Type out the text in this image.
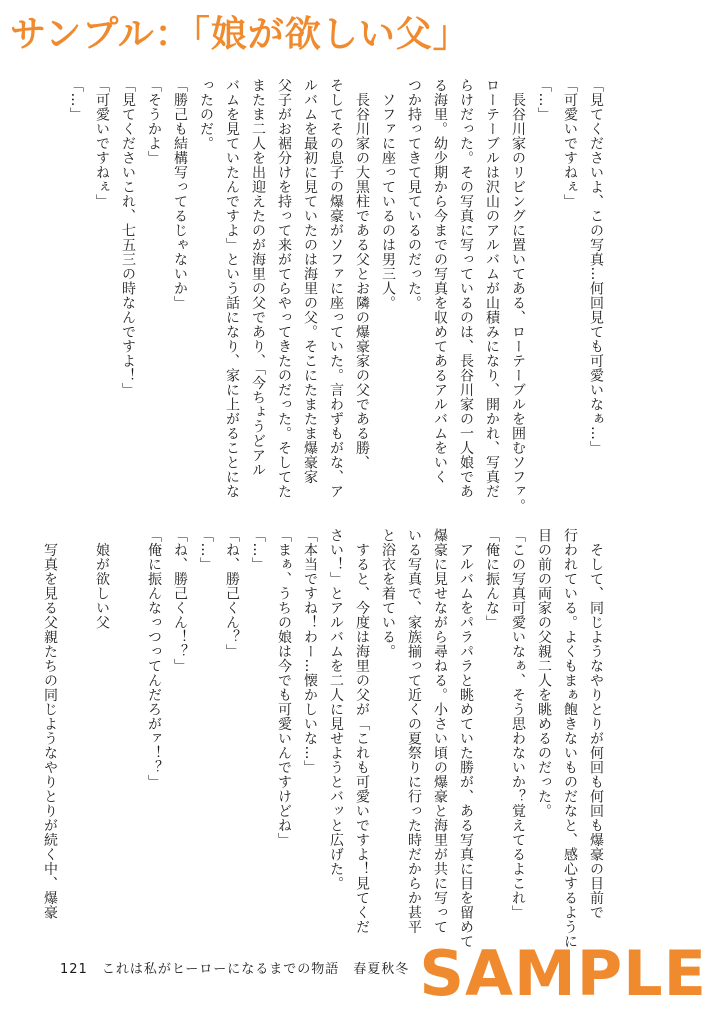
サンプル：「娘が欲しい父」

「見てくださいよ、この写真…何回見ても可愛いなぁ…」
「可愛いですねぇ」
「…」
　長谷川家のリビングに置いてある、ローテーブルを囲むソファ。
ローテーブルは沢山のアルバムが山積みになり、開かれ、写真だ
らけだった。その写真に写っているのは、長谷川家の一人娘であ
る海里。幼少期から今までの写真を収めてあるアルバムをいく
つか持ってきて見ているのだった。
　ソファに座っているのは男三人。
　長谷川家の大黒柱である父とお隣の爆豪家の父である勝、
そしてその息子の爆豪がソファに座っていた。言わずもがな、ア
ルバムを最初に見ていたのは海里の父。そこにたまたま爆豪家
父子がお裾分けを持って来がてらやってきたのだった。そしてた
またま二人を出迎えたのが海里の父であり、「今ちょうどアル
バムを見ていたんですよ」という話になり、家に上がることにな
ったのだ。
「勝己も結構写ってるじゃないか」
「そうかよ」
「見てくださいこれ、七五三の時なんですよ！」
「可愛いですねぇ」
「…」

　そして、同じようなやりとりが何回も何回も爆豪の目前で
行われている。よくもまぁ飽きないものだなと、感心するように
目の前の両家の父親二人を眺めるのだった。
「この写真可愛いなぁ、そう思わないか？覚えてるよこれ」
「俺に振んな」
　アルバムをパラパラと眺めていた勝が、ある写真に目を留めて
爆豪に見せながら尋ねる。小さい頃の爆豪と海里が共に写って
いる写真で、家族揃って近くの夏祭りに行った時だからか甚平
と浴衣を着ている。
　すると、今度は海里の父が「これも可愛いですよ！見てくだ
さい！」とアルバムを二人に見せようとバッと広げた。
「本当ですね！わー…懐かしいな…」
「まぁ、うちの娘は今でも可愛いんですけどね」
「…」
「ね、勝己くん？」
「…」
「ね、勝己くん！？」
「俺に振んなっつってんだろがァ！？」

　娘が欲しい父

　写真を見る父親たちの同じようなやりとりが続く中、爆豪

121　これは私がヒーローになるまでの物語　春夏秋冬 SAMPLE
